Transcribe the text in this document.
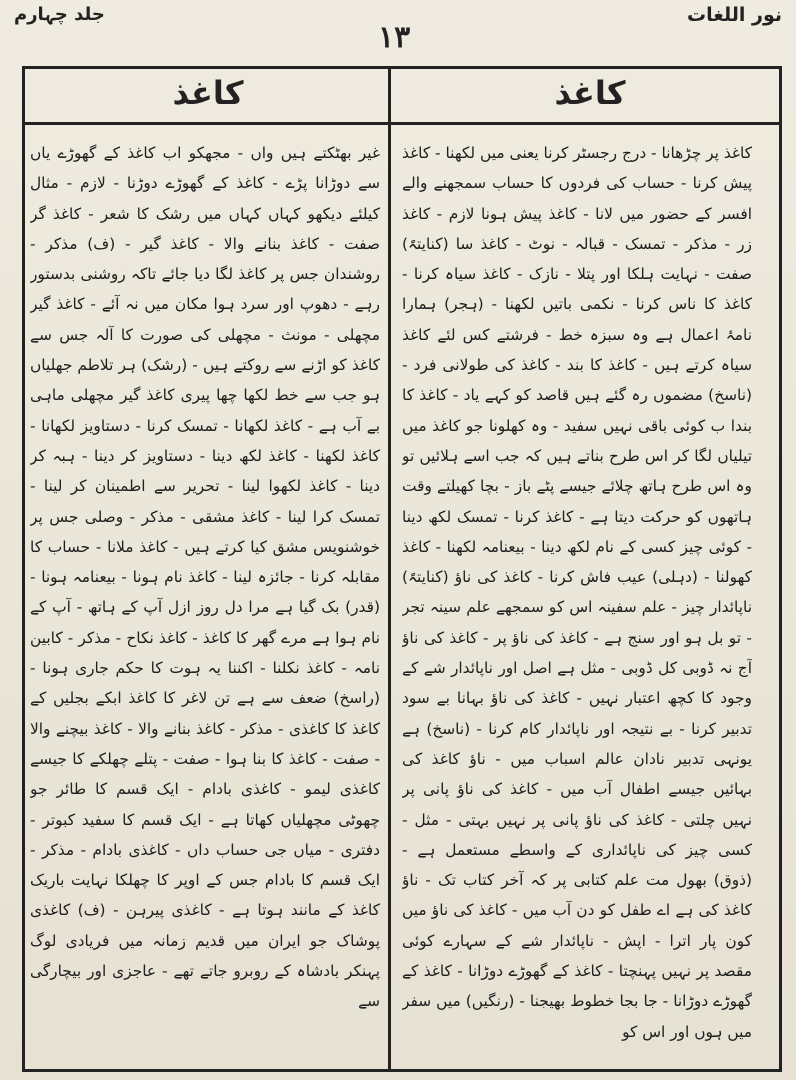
نور اللغات
۱۳
جلد چہارم
کاغذ
کاغذ

کاغذ پر چڑھانا - درج رجسٹر کرنا یعنی میں لکھنا - کاغذ پیش کرنا - حساب کی فردوں کا حساب سمجھنے والے افسر کے حضور میں لانا - کاغذ پیش ہونا لازم - کاغذ زر - مذکر - تمسک - قبالہ - نوٹ - کاغذ سا (کنایتہً) صفت - نہایت ہلکا اور پتلا - نازک - کاغذ سیاہ کرنا - کاغذ کا ناس کرنا - نکمی باتیں لکھنا - (ہجر) ہمارا نامۂ اعمال ہے وہ سبزہ خط - فرشتے کس لئے کاغذ سیاہ کرتے ہیں - کاغذ کا بند - کاغذ کی طولانی فرد - (ناسخ) مضموں رہ گئے ہیں قاصد کو کہے یاد - کاغذ کا بندا ب کوئی باقی نہیں سفید - وہ کھلونا جو کاغذ میں تیلیاں لگا کر اس طرح بناتے ہیں کہ جب اسے ہلائیں تو وہ اس طرح ہاتھ چلائے جیسے پٹے باز - بچا کھیلتے وقت ہاتھوں کو حرکت دیتا ہے - کاغذ کرنا - تمسک لکھ دینا - کوئی چیز کسی کے نام لکھ دینا - بیعنامہ لکھنا - کاغذ کھولنا - (دہلی) عیب فاش کرنا - کاغذ کی ناؤ (کنایتہً) ناپائدار چیز - علم سفینہ اس کو سمجھے علم سینہ تجر - تو بل ہو اور سنج ہے - کاغذ کی ناؤ پر - کاغذ کی ناؤ آج نہ ڈوبی کل ڈوبی - مثل ہے اصل اور ناپائدار شے کے وجود کا کچھ اعتبار نہیں - کاغذ کی ناؤ بہانا بے سود تدبیر کرنا - بے نتیجہ اور ناپائدار کام کرنا - (ناسخ) ہے یونہی تدبیر نادان عالم اسباب میں - ناؤ کاغذ کی بہائیں جیسے اطفال آب میں - کاغذ کی ناؤ پانی پر نہیں چلتی - کاغذ کی ناؤ پانی پر نہیں بہتی - مثل - کسی چیز کی ناپائداری کے واسطے مستعمل ہے - (ذوق) بھول مت علم کتابی پر کہ آخر کتاب تک - ناؤ کاغذ کی ہے اے طفل کو دن آب میں - کاغذ کی ناؤ میں کون پار اترا - اپش - ناپائدار شے کے سہارے کوئی مقصد پر نہیں پہنچتا - کاغذ کے گھوڑے دوڑانا - کاغذ کے گھوڑے دوڑانا - جا بجا خطوط بھیجنا - (رنگیں) میں سفر میں ہوں اور اس کو

غیر بھٹکتے ہیں واں - مجھکو اب کاغذ کے گھوڑے یاں سے دوڑانا پڑے - کاغذ کے گھوڑے دوڑنا - لازم - مثال کیلئے دیکھو کہاں کہاں میں رشک کا شعر - کاغذ گر صفت - کاغذ بنانے والا - کاغذ گیر - (ف) مذکر - روشندان جس پر کاغذ لگا دیا جائے تاکہ روشنی بدستور رہے - دھوپ اور سرد ہوا مکان میں نہ آئے - کاغذ گیر مچھلی - مونث - مچھلی کی صورت کا آلہ جس سے کاغذ کو اڑنے سے روکتے ہیں - (رشک) ہر تلاطم جھلیاں ہو جب سے خط لکھا چھا پیری کاغذ گیر مچھلی ماہی بے آب ہے - کاغذ لکھانا - تمسک کرنا - دستاویز لکھانا - کاغذ لکھنا - کاغذ لکھ دینا - دستاویز کر دینا - ہبہ کر دینا - کاغذ لکھوا لینا - تحریر سے اطمینان کر لینا - تمسک کرا لینا - کاغذ مشقی - مذکر - وصلی جس پر خوشنویس مشق کیا کرتے ہیں - کاغذ ملانا - حساب کا مقابلہ کرنا - جائزہ لینا - کاغذ نام ہونا - بیعنامہ ہونا - (قدر) بک گیا ہے مرا دل روز ازل آپ کے ہاتھ - آپ کے نام ہوا ہے مرے گھر کا کاغذ - کاغذ نکاح - مذکر - کابین نامہ - کاغذ نکلنا - اکننا یہ ہوت کا حکم جاری ہونا - (راسخ) ضعف سے ہے تن لاغر کا کاغذ ابکے بجلیں کے کاغذ کا کاغذی - مذکر - کاغذ بنانے والا - کاغذ بیچنے والا - صفت - کاغذ کا بنا ہوا - صفت - پتلے چھلکے کا جیسے کاغذی لیمو - کاغذی بادام - ایک قسم کا طائر جو چھوٹی مچھلیاں کھاتا ہے - ایک قسم کا سفید کبوتر - دفتری - میاں جی حساب داں - کاغذی بادام - مذکر - ایک قسم کا بادام جس کے اوپر کا چھلکا نہایت باریک کاغذ کے مانند ہوتا ہے - کاغذی پیرہن - (ف) کاغذی پوشاک جو ایران میں قدیم زمانہ میں فریادی لوگ پہنکر بادشاہ کے روبرو جاتے تھے - عاجزی اور بیچارگی سے
